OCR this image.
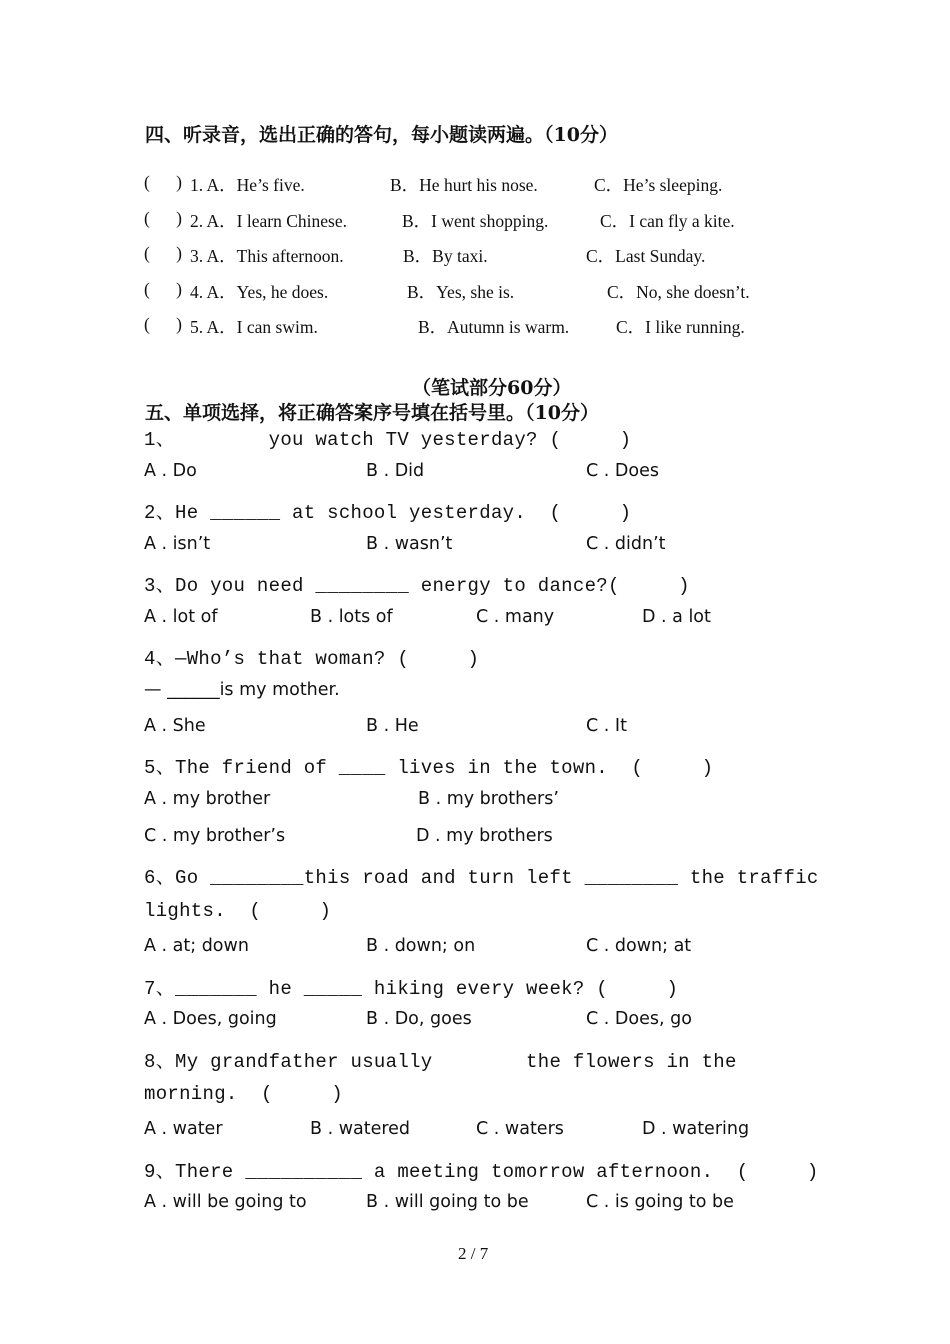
四、听录音，选出正确的答句，每小题读两遍。（10分）
(      ) 1. A．He’s five.	B．He hurt his nose.	C．He’s sleeping.
(      ) 2. A．I learn Chinese.	B．I went shopping.	C．I can fly a kite.
(      ) 3. A．This afternoon.	B．By taxi.	C．Last Sunday.
(      ) 4. A．Yes, he does.	B．Yes, she is.	C．No, she doesn’t.
(      ) 5. A．I can swim.	B．Autumn is warm.	C．I like running.
（笔试部分60分）
五、单项选择，将正确答案序号填在括号里。（10分）
1、        you watch TV yesterday? (     )
A . Do	B . Did	C . Does
2、He ______ at school yesterday.  (     )
A . isn’t	B . wasn’t	C . didn’t
3、Do you need ________ energy to dance?(     )
A . lot of	B . lots of	C . many	D . a lot
4、—Who’s that woman? (     )
— ______is my mother.
A . She	B . He	C . It
5、The friend of ____ lives in the town.  (     )
A . my brother	B . my brothers’
C . my brother’s	D . my brothers
6、Go ________this road and turn left ________ the traffic
lights.  (     )
A . at; down	B . down; on	C . down; at
7、_______ he _____ hiking every week? (     )
A . Does, going	B . Do, goes	C . Does, go
8、My grandfather usually        the flowers in the
morning.  (     )
A . water	B . watered	C . waters	D . watering
9、There __________ a meeting tomorrow afternoon.  (     )
A . will be going to	B . will going to be	C . is going to be
2 / 7
